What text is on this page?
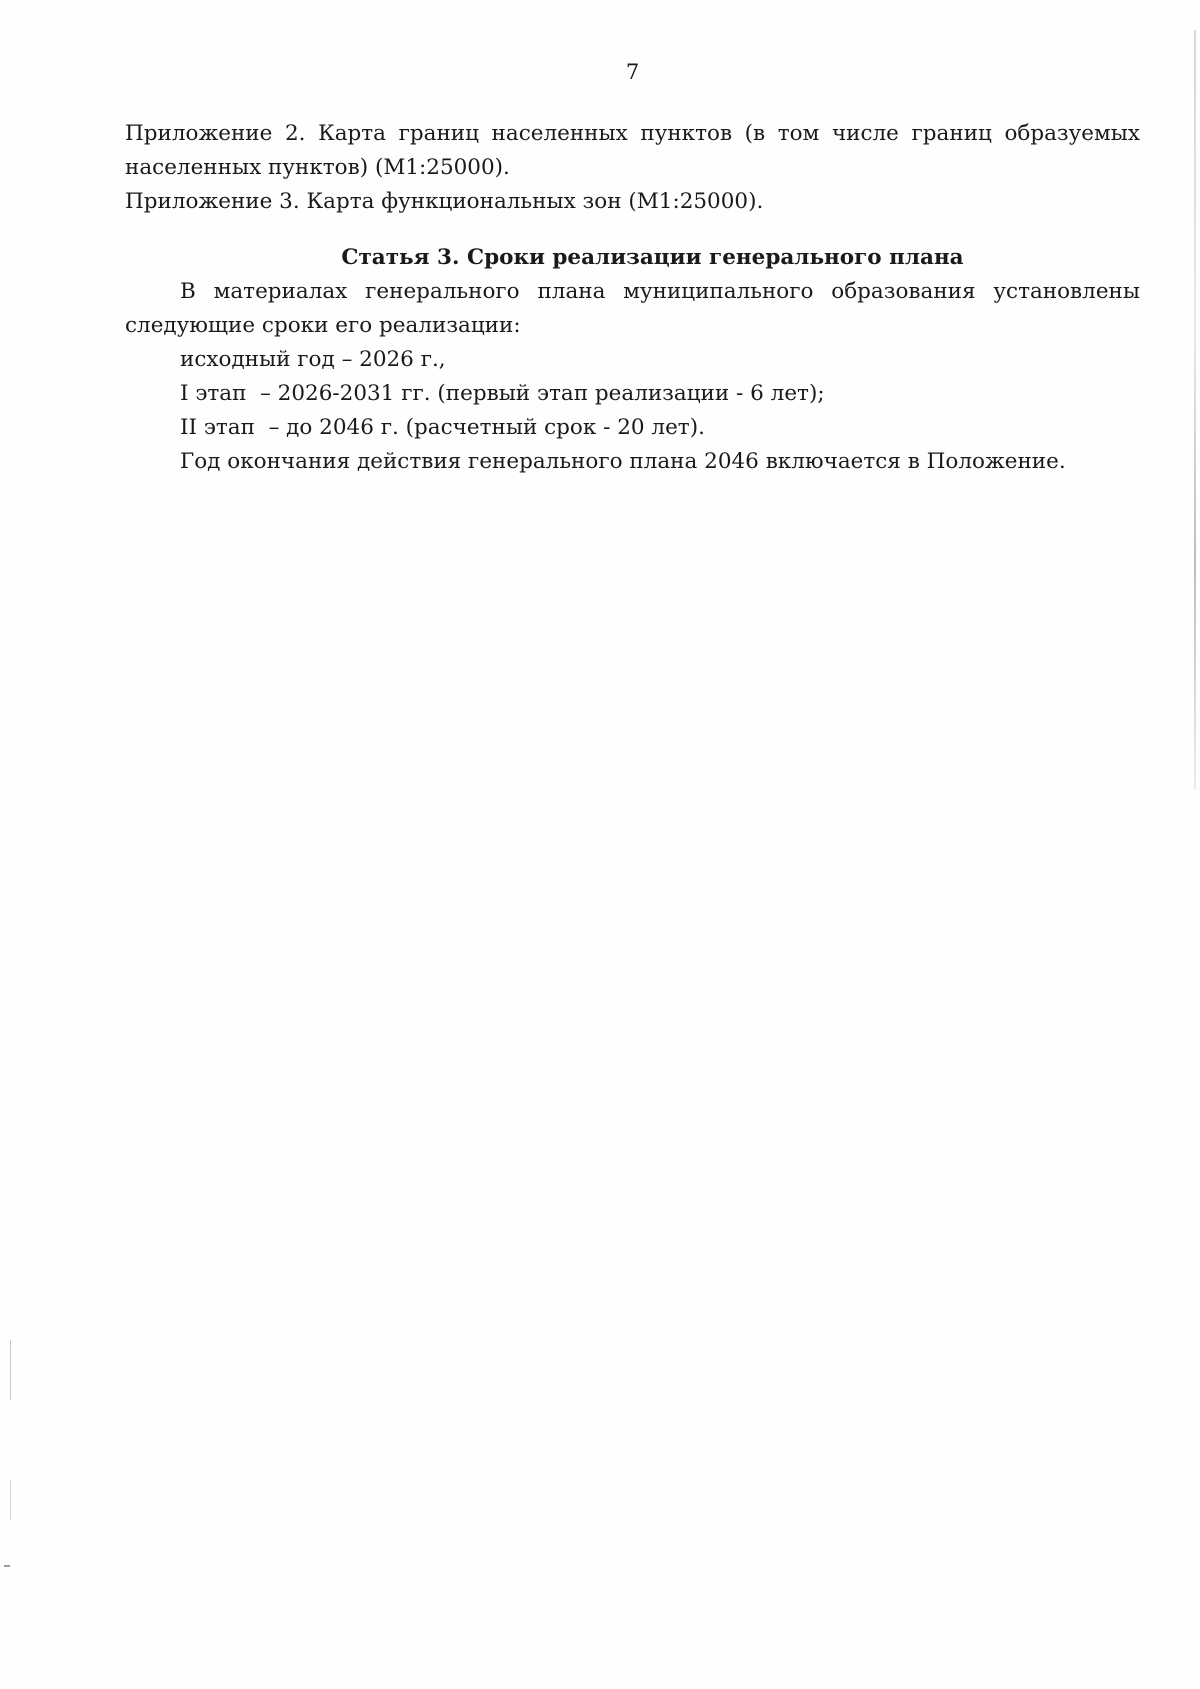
7

Приложение 2. Карта границ населенных пунктов (в том числе границ образуемых населенных пунктов) (М1:25000).

Приложение 3. Карта функциональных зон (М1:25000).

Статья 3. Сроки реализации генерального плана

В материалах генерального плана муниципального образования установлены следующие сроки его реализации:

исходный год – 2026 г.,

I этап  – 2026-2031 гг. (первый этап реализации - 6 лет);

II этап  – до 2046 г. (расчетный срок - 20 лет).

Год окончания действия генерального плана 2046 включается в Положение.
